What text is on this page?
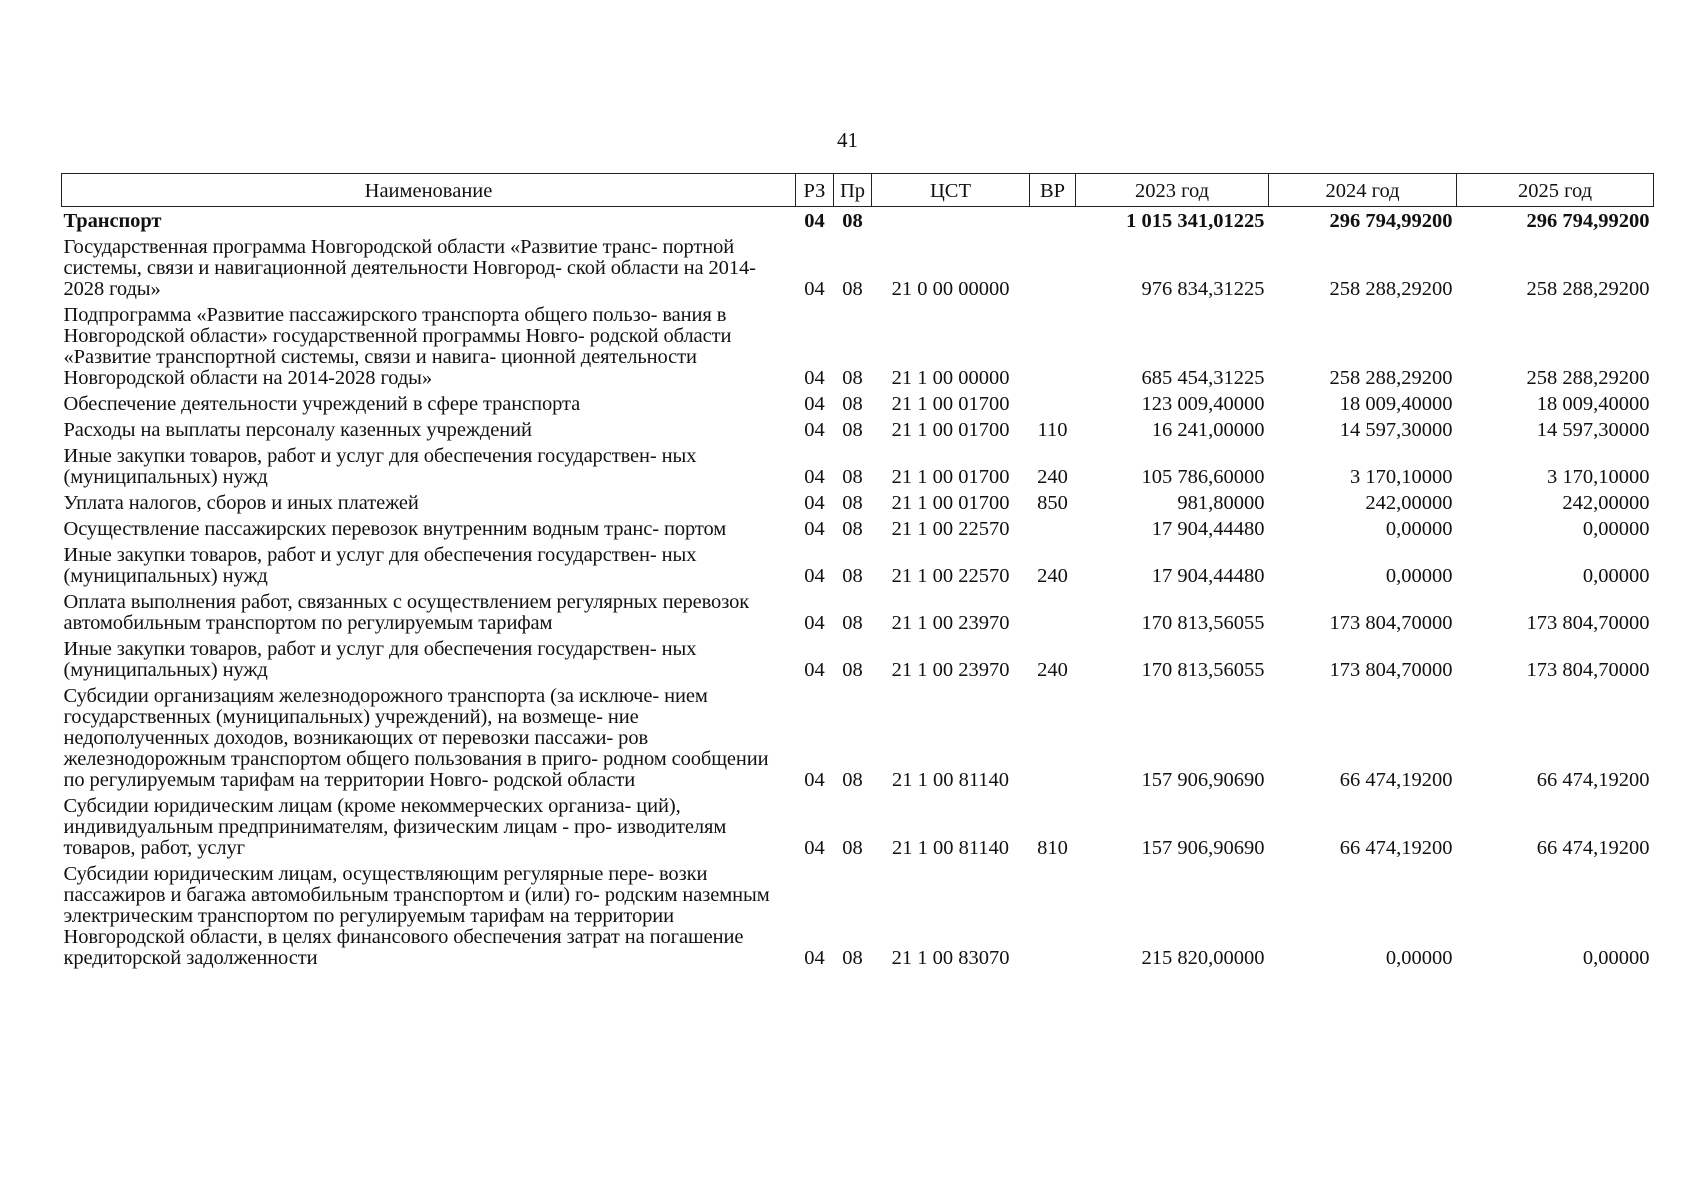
41
Наименование	РЗ	Пр	ЦСТ	ВР	2023 год	2024 год	2025 год
Транспорт	04	08			1 015 341,01225	296 794,99200	296 794,99200
Государственная программа Новгородской области «Развитие транс- портной системы, связи и навигационной деятельности Новгород- ской области на 2014-2028 годы»	04	08	21 0 00 00000		976 834,31225	258 288,29200	258 288,29200
Подпрограмма «Развитие пассажирского транспорта общего пользо- вания в Новгородской области» государственной программы Новго- родской области «Развитие транспортной системы, связи и навига- ционной деятельности Новгородской области на 2014-2028 годы»	04	08	21 1 00 00000		685 454,31225	258 288,29200	258 288,29200
Обеспечение деятельности учреждений в сфере транспорта	04	08	21 1 00 01700		123 009,40000	18 009,40000	18 009,40000
Расходы на выплаты персоналу казенных учреждений	04	08	21 1 00 01700	110	16 241,00000	14 597,30000	14 597,30000
Иные закупки товаров, работ и услуг для обеспечения государствен- ных (муниципальных) нужд	04	08	21 1 00 01700	240	105 786,60000	3 170,10000	3 170,10000
Уплата налогов, сборов и иных платежей	04	08	21 1 00 01700	850	981,80000	242,00000	242,00000
Осуществление пассажирских перевозок внутренним водным транс- портом	04	08	21 1 00 22570		17 904,44480	0,00000	0,00000
Иные закупки товаров, работ и услуг для обеспечения государствен- ных (муниципальных) нужд	04	08	21 1 00 22570	240	17 904,44480	0,00000	0,00000
Оплата выполнения работ, связанных с осуществлением регулярных перевозок автомобильным транспортом по регулируемым тарифам	04	08	21 1 00 23970		170 813,56055	173 804,70000	173 804,70000
Иные закупки товаров, работ и услуг для обеспечения государствен- ных (муниципальных) нужд	04	08	21 1 00 23970	240	170 813,56055	173 804,70000	173 804,70000
Субсидии организациям железнодорожного транспорта (за исключе- нием государственных (муниципальных) учреждений), на возмеще- ние недополученных доходов, возникающих от перевозки пассажи- ров железнодорожным транспортом общего пользования в приго- родном сообщении по регулируемым тарифам на территории Новго- родской области	04	08	21 1 00 81140		157 906,90690	66 474,19200	66 474,19200
Субсидии юридическим лицам (кроме некоммерческих организа- ций), индивидуальным предпринимателям, физическим лицам - про- изводителям товаров, работ, услуг	04	08	21 1 00 81140	810	157 906,90690	66 474,19200	66 474,19200
Субсидии юридическим лицам, осуществляющим регулярные пере- возки пассажиров и багажа автомобильным транспортом и (или) го- родским наземным электрическим транспортом по регулируемым тарифам на территории Новгородской области, в целях финансового обеспечения затрат на погашение кредиторской задолженности	04	08	21 1 00 83070		215 820,00000	0,00000	0,00000
